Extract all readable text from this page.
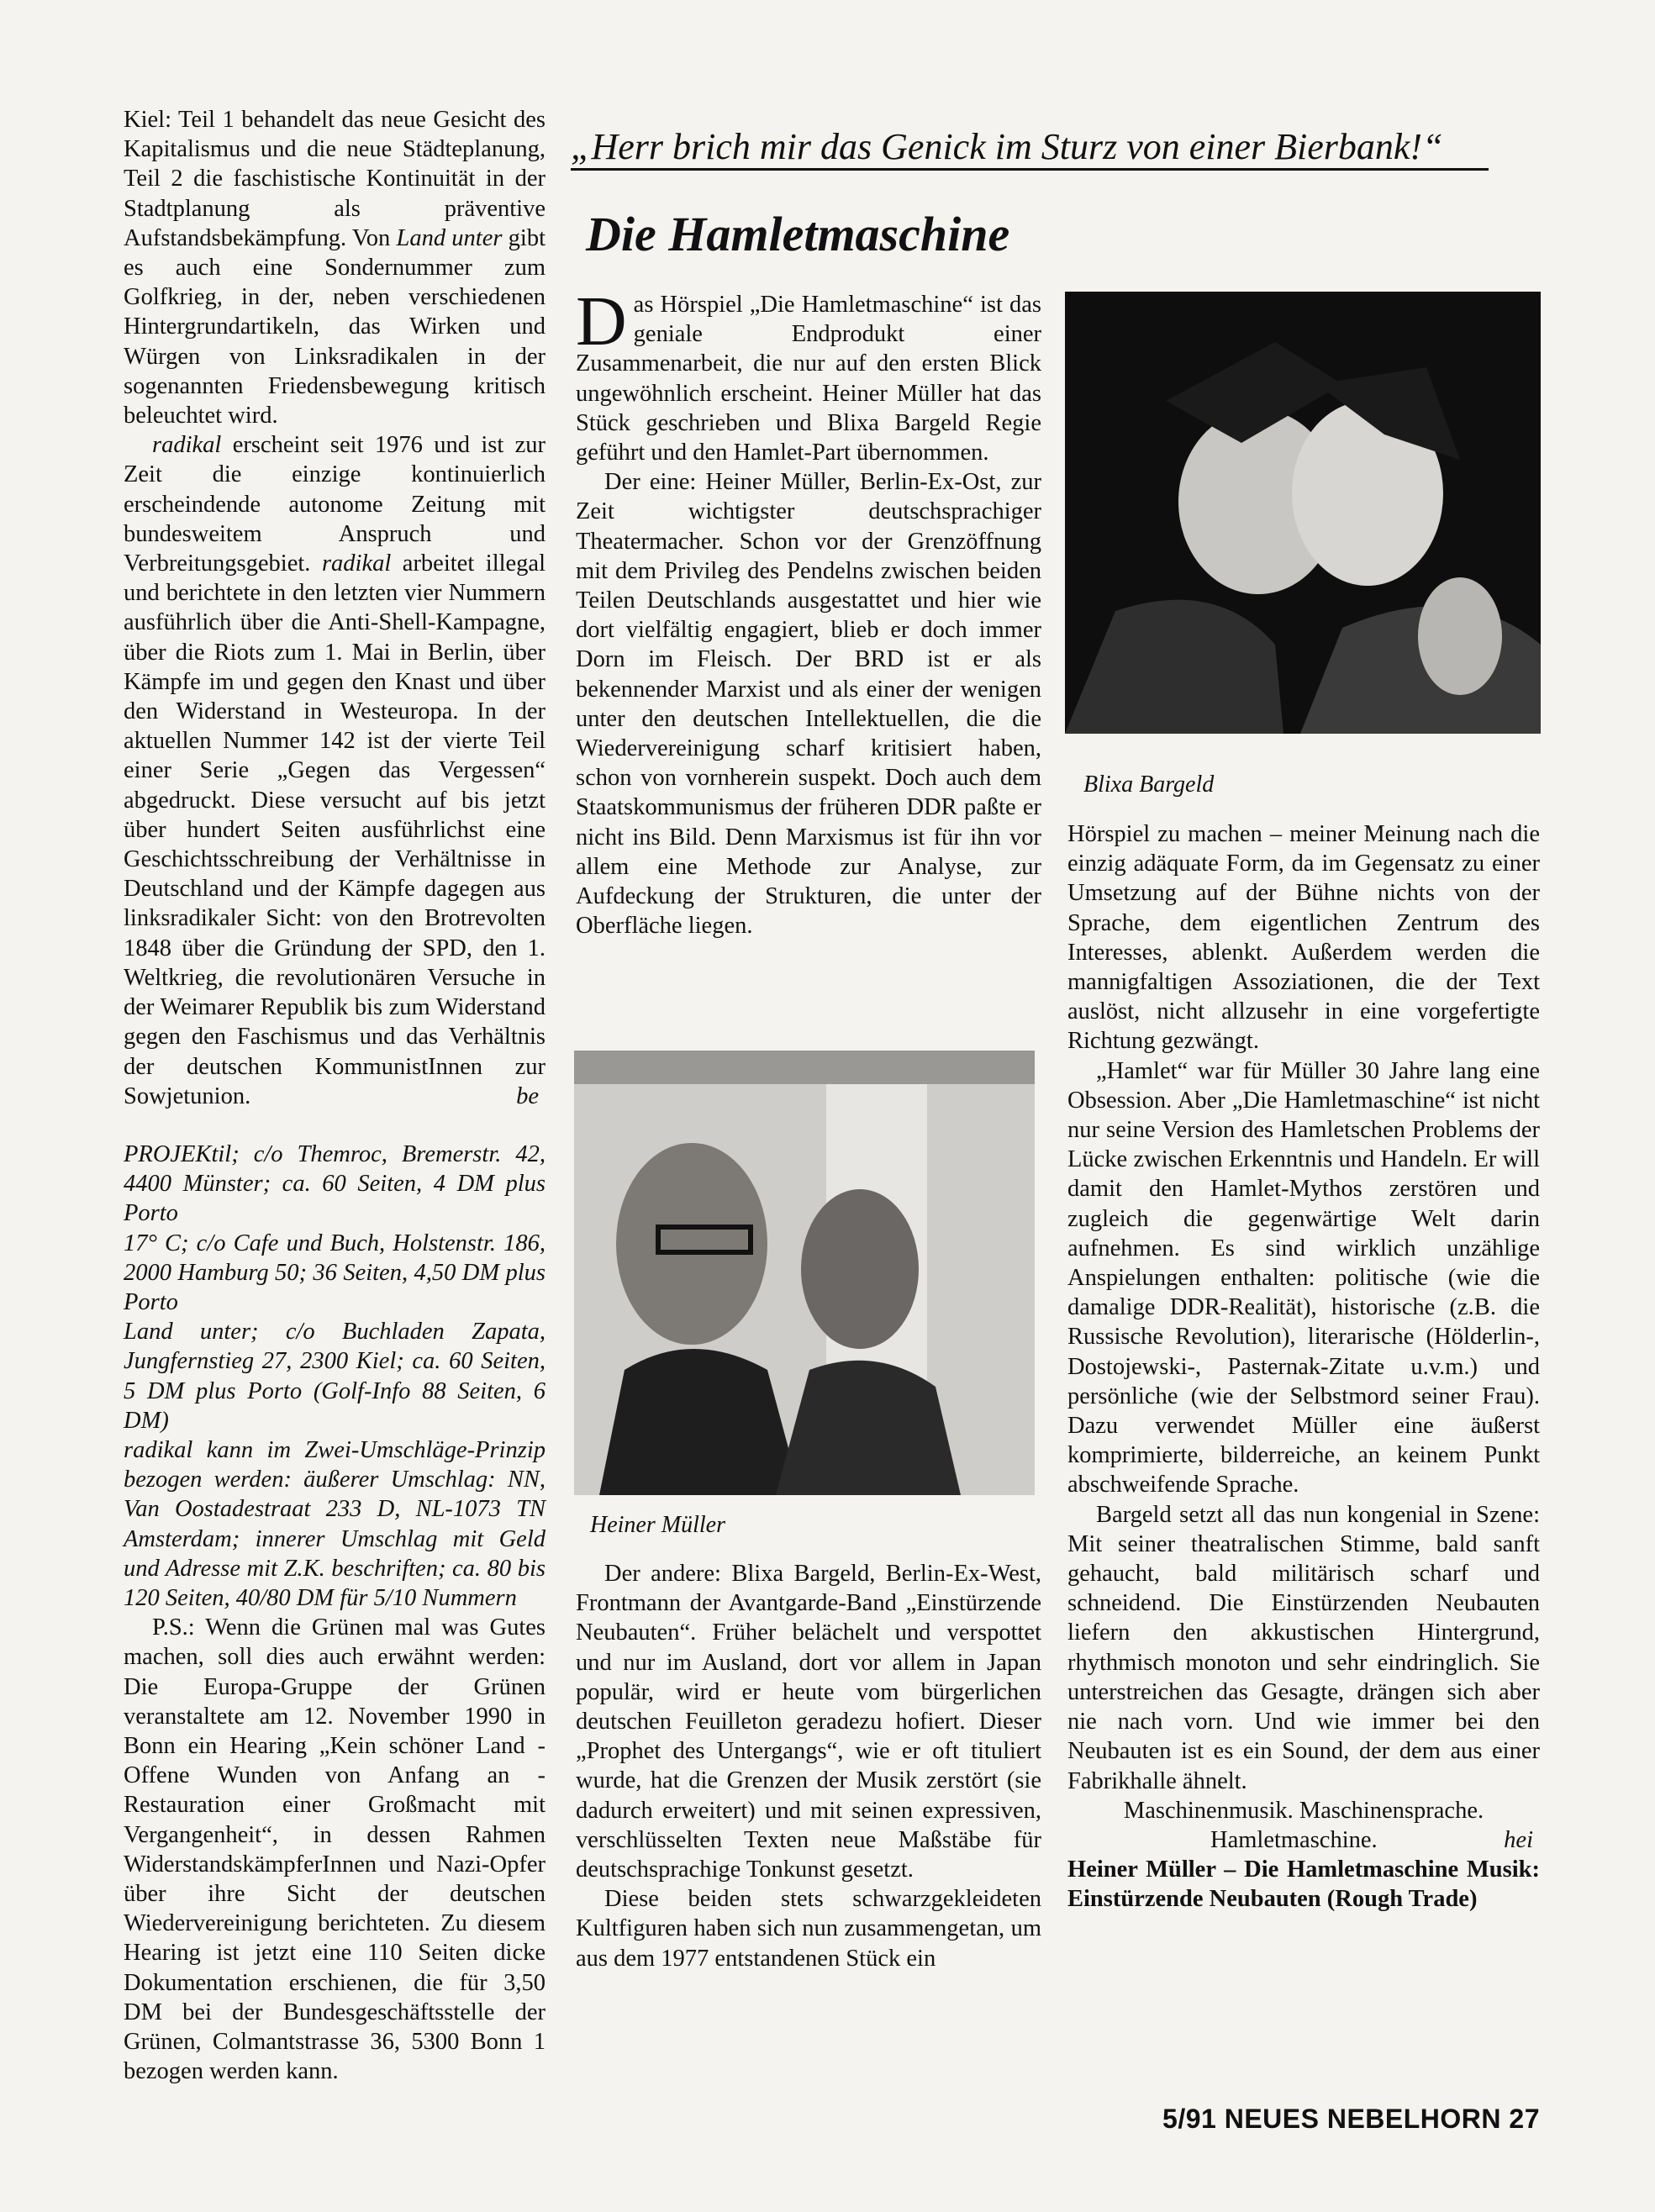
Kiel: Teil 1 behandelt das neue Gesicht des Kapitalismus und die neue Städteplanung, Teil 2 die faschistische Kontinuität in der Stadtplanung als präventive Aufstandsbekämpfung. Von Land unter gibt es auch eine Sondernummer zum Golfkrieg, in der, neben verschiedenen Hintergrundartikeln, das Wirken und Würgen von Linksradikalen in der sogenannten Friedensbewegung kritisch beleuchtet wird.

radikal erscheint seit 1976 und ist zur Zeit die einzige kontinuierlich erscheindende autonome Zeitung mit bundesweitem Anspruch und Verbreitungsgebiet. radikal arbeitet illegal und berichtete in den letzten vier Nummern ausführlich über die Anti-Shell-Kampagne, über die Riots zum 1. Mai in Berlin, über Kämpfe im und gegen den Knast und über den Widerstand in Westeuropa. In der aktuellen Nummer 142 ist der vierte Teil einer Serie „Gegen das Vergessen“ abgedruckt. Diese versucht auf bis jetzt über hundert Seiten ausführlichst eine Geschichtsschreibung der Verhältnisse in Deutschland und der Kämpfe dagegen aus linksradikaler Sicht: von den Brotrevolten 1848 über die Gründung der SPD, den 1. Weltkrieg, die revolutionären Versuche in der Weimarer Republik bis zum Widerstand gegen den Faschismus und das Verhältnis der deutschen KommunistInnen zur Sowjetunion.	be

PROJEKtil; c/o Themroc, Bremerstr. 42, 4400 Münster; ca. 60 Seiten, 4 DM plus Porto

17° C; c/o Cafe und Buch, Holstenstr. 186, 2000 Hamburg 50; 36 Seiten, 4,50 DM plus Porto

Land unter; c/o Buchladen Zapata, Jungfernstieg 27, 2300 Kiel; ca. 60 Seiten, 5 DM plus Porto (Golf-Info 88 Seiten, 6 DM)

radikal kann im Zwei-Umschläge-Prinzip bezogen werden: äußerer Umschlag: NN, Van Oostadestraat 233 D, NL-1073 TN Amsterdam; innerer Umschlag mit Geld und Adresse mit Z.K. beschriften; ca. 80 bis 120 Seiten, 40/80 DM für 5/10 Nummern

P.S.: Wenn die Grünen mal was Gutes machen, soll dies auch erwähnt werden: Die Europa-Gruppe der Grünen veranstaltete am 12. November 1990 in Bonn ein Hearing „Kein schöner Land - Offene Wunden von Anfang an - Restauration einer Großmacht mit Vergangenheit“, in dessen Rahmen WiderstandskämpferInnen und Nazi-Opfer über ihre Sicht der deutschen Wiedervereinigung berichteten. Zu diesem Hearing ist jetzt eine 110 Seiten dicke Dokumentation erschienen, die für 3,50 DM bei der Bundesgeschäftsstelle der Grünen, Colmantstrasse 36, 5300 Bonn 1 bezogen werden kann.

„Herr brich mir das Genick im Sturz von einer Bierbank!“
Die Hamletmaschine

Das Hörspiel „Die Hamletmaschine“ ist das geniale Endprodukt einer Zusammenarbeit, die nur auf den ersten Blick ungewöhnlich erscheint. Heiner Müller hat das Stück geschrieben und Blixa Bargeld Regie geführt und den Hamlet-Part übernommen.

Der eine: Heiner Müller, Berlin-Ex-Ost, zur Zeit wichtigster deutschsprachiger Theatermacher. Schon vor der Grenzöffnung mit dem Privileg des Pendelns zwischen beiden Teilen Deutschlands ausgestattet und hier wie dort vielfältig engagiert, blieb er doch immer Dorn im Fleisch. Der BRD ist er als bekennender Marxist und als einer der wenigen unter den deutschen Intellektuellen, die die Wiedervereinigung scharf kritisiert haben, schon von vornherein suspekt. Doch auch dem Staatskommunismus der früheren DDR paßte er nicht ins Bild. Denn Marxismus ist für ihn vor allem eine Methode zur Analyse, zur Aufdeckung der Strukturen, die unter der Oberfläche liegen.

Heiner Müller

Der andere: Blixa Bargeld, Berlin-Ex-West, Frontmann der Avantgarde-Band „Einstürzende Neubauten“. Früher belächelt und verspottet und nur im Ausland, dort vor allem in Japan populär, wird er heute vom bürgerlichen deutschen Feuilleton geradezu hofiert. Dieser „Prophet des Untergangs“, wie er oft tituliert wurde, hat die Grenzen der Musik zerstört (sie dadurch erweitert) und mit seinen expressiven, verschlüsselten Texten neue Maßstäbe für deutschsprachige Tonkunst gesetzt.

Diese beiden stets schwarzgekleideten Kultfiguren haben sich nun zusammengetan, um aus dem 1977 entstandenen Stück ein

Blixa Bargeld

Hörspiel zu machen – meiner Meinung nach die einzig adäquate Form, da im Gegensatz zu einer Umsetzung auf der Bühne nichts von der Sprache, dem eigentlichen Zentrum des Interesses, ablenkt. Außerdem werden die mannigfaltigen Assoziationen, die der Text auslöst, nicht allzusehr in eine vorgefertigte Richtung gezwängt.

„Hamlet“ war für Müller 30 Jahre lang eine Obsession. Aber „Die Hamletmaschine“ ist nicht nur seine Version des Hamletschen Problems der Lücke zwischen Erkenntnis und Handeln. Er will damit den Hamlet-Mythos zerstören und zugleich die gegenwärtige Welt darin aufnehmen. Es sind wirklich unzählige Anspielungen enthalten: politische (wie die damalige DDR-Realität), historische (z.B. die Russische Revolution), literarische (Hölderlin-, Dostojewski-, Pasternak-Zitate u.v.m.) und persönliche (wie der Selbstmord seiner Frau). Dazu verwendet Müller eine äußerst komprimierte, bilderreiche, an keinem Punkt abschweifende Sprache.

Bargeld setzt all das nun kongenial in Szene: Mit seiner theatralischen Stimme, bald sanft gehaucht, bald militärisch scharf und schneidend. Die Einstürzenden Neubauten liefern den akkustischen Hintergrund, rhythmisch monoton und sehr eindringlich. Sie unterstreichen das Gesagte, drängen sich aber nie nach vorn. Und wie immer bei den Neubauten ist es ein Sound, der dem aus einer Fabrikhalle ähnelt.

Maschinenmusik. Maschinensprache.

Hamletmaschine.	hei

Heiner Müller – Die Hamletmaschine Musik: Einstürzende Neubauten (Rough Trade)

5/91 NEUES NEBELHORN 27
